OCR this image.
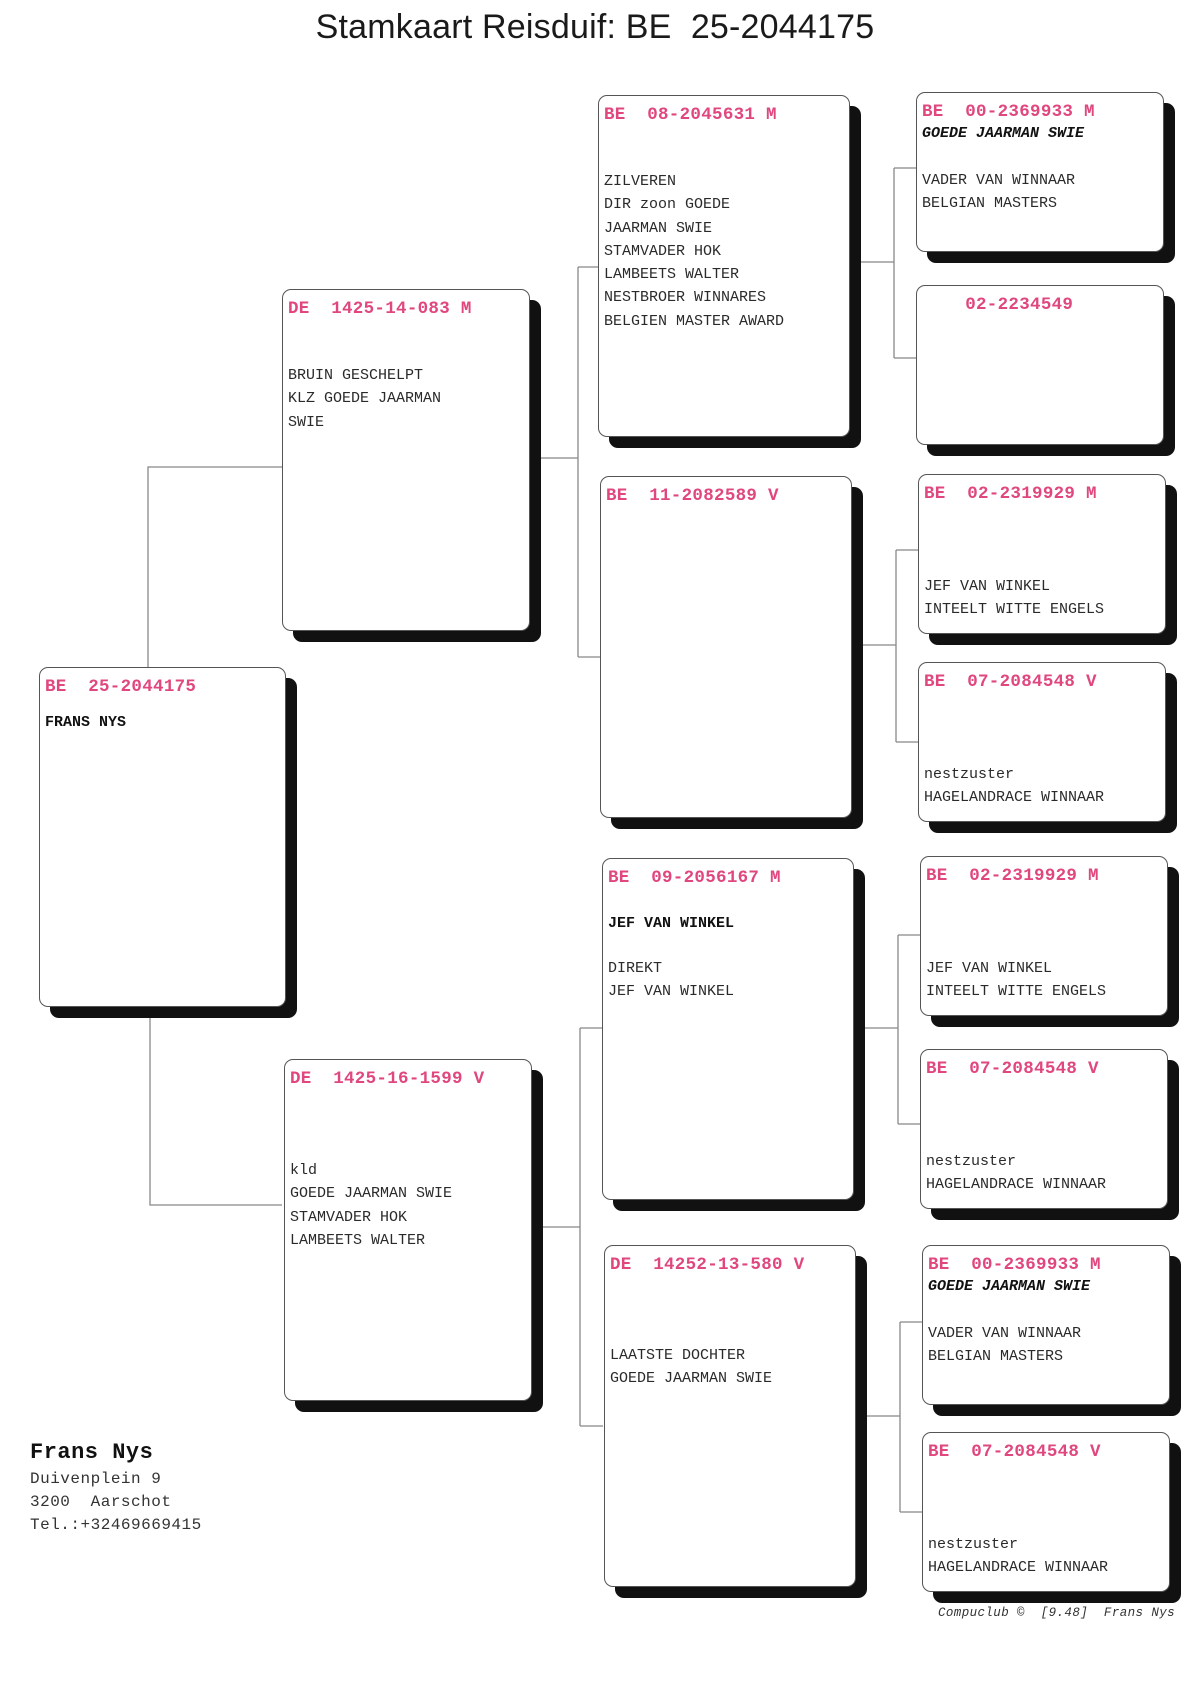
Stamkaart Reisduif: BE  25-2044175
BE  25-2044175
FRANS NYS
DE  1425-14-083 M
BRUIN GESCHELPT
KLZ GOEDE JAARMAN
SWIE
DE  1425-16-1599 V
kld
GOEDE JAARMAN SWIE
STAMVADER HOK
LAMBEETS WALTER
BE  08-2045631 M
ZILVEREN
DIR zoon GOEDE
JAARMAN SWIE
STAMVADER HOK
LAMBEETS WALTER
NESTBROER WINNARES
BELGIEN MASTER AWARD
BE  11-2082589 V
BE  09-2056167 M
JEF VAN WINKEL
DIREKT
JEF VAN WINKEL
DE  14252-13-580 V
LAATSTE DOCHTER
GOEDE JAARMAN SWIE
BE  00-2369933 M
GOEDE JAARMAN SWIE
VADER VAN WINNAAR
BELGIAN MASTERS
02-2234549
BE  02-2319929 M
JEF VAN WINKEL
INTEELT WITTE ENGELS
BE  07-2084548 V
nestzuster
HAGELANDRACE WINNAAR
BE  02-2319929 M
JEF VAN WINKEL
INTEELT WITTE ENGELS
BE  07-2084548 V
nestzuster
HAGELANDRACE WINNAAR
BE  00-2369933 M
GOEDE JAARMAN SWIE
VADER VAN WINNAAR
BELGIAN MASTERS
BE  07-2084548 V
nestzuster
HAGELANDRACE WINNAAR
Frans Nys
Duivenplein 9
3200  Aarschot
Tel.:+32469669415
Compuclub ©  [9.48]  Frans Nys
